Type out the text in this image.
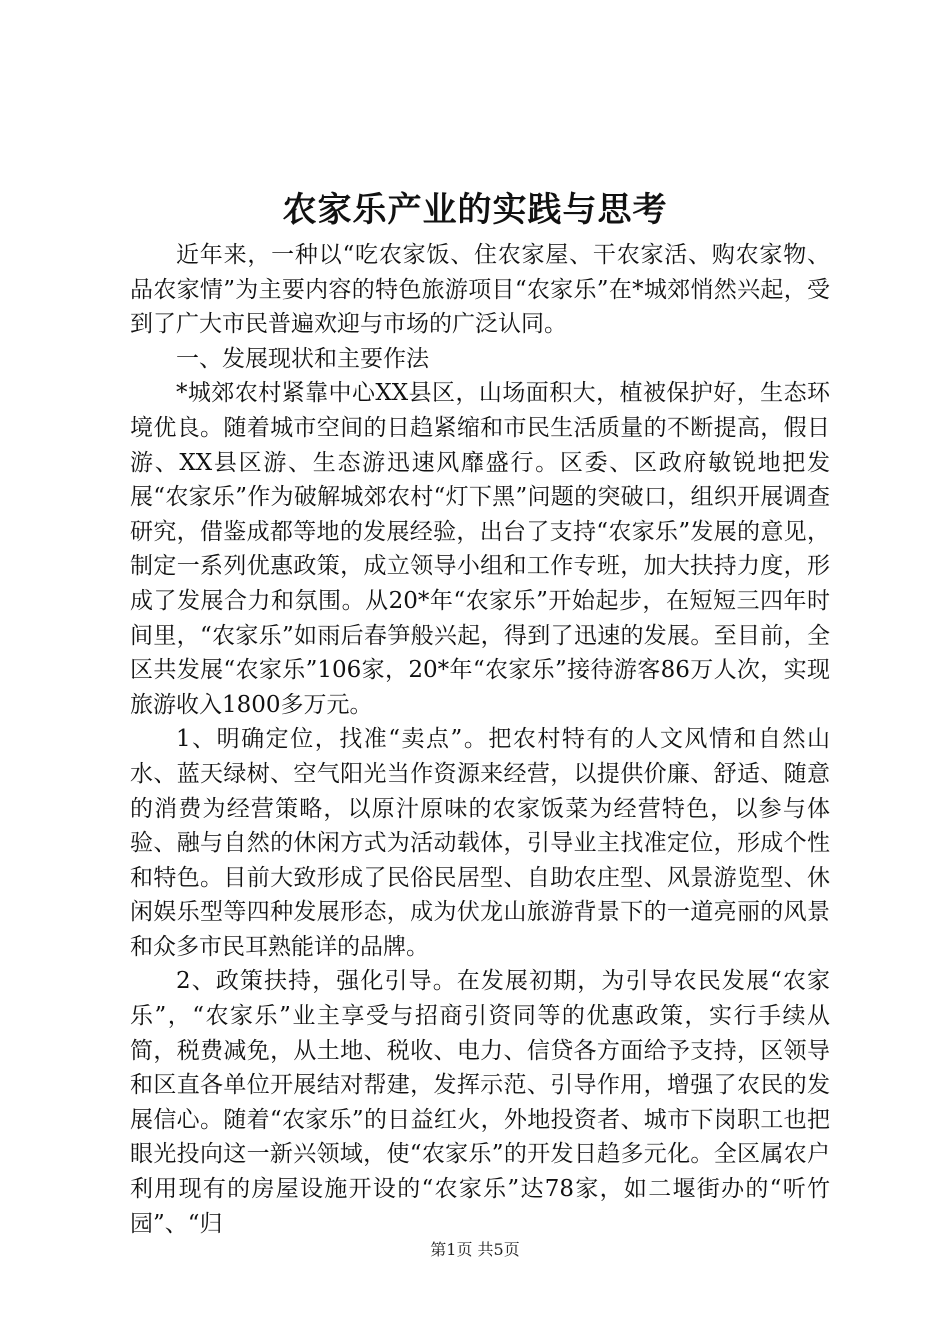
农家乐产业的实践与思考

近年来，一种以“吃农家饭、住农家屋、干农家活、购农家物、品农家情”为主要内容的特色旅游项目“农家乐”在*城郊悄然兴起，受到了广大市民普遍欢迎与市场的广泛认同。

一、发展现状和主要作法

*城郊农村紧靠中心XX县区，山场面积大，植被保护好，生态环境优良。随着城市空间的日趋紧缩和市民生活质量的不断提高，假日游、XX县区游、生态游迅速风靡盛行。区委、区政府敏锐地把发展“农家乐”作为破解城郊农村“灯下黑”问题的突破口，组织开展调查研究，借鉴成都等地的发展经验，出台了支持“农家乐”发展的意见，制定一系列优惠政策，成立领导小组和工作专班，加大扶持力度，形成了发展合力和氛围。从20*年“农家乐”开始起步，在短短三四年时间里，“农家乐”如雨后春笋般兴起，得到了迅速的发展。至目前，全区共发展“农家乐”106家，20*年“农家乐”接待游客86万人次，实现旅游收入1800多万元。

1、明确定位，找准“卖点”。把农村特有的人文风情和自然山水、蓝天绿树、空气阳光当作资源来经营，以提供价廉、舒适、随意的消费为经营策略，以原汁原味的农家饭菜为经营特色，以参与体验、融与自然的休闲方式为活动载体，引导业主找准定位，形成个性和特色。目前大致形成了民俗民居型、自助农庄型、风景游览型、休闲娱乐型等四种发展形态，成为伏龙山旅游背景下的一道亮丽的风景和众多市民耳熟能详的品牌。

2、政策扶持，强化引导。在发展初期，为引导农民发展“农家乐”，“农家乐”业主享受与招商引资同等的优惠政策，实行手续从简，税费减免，从土地、税收、电力、信贷各方面给予支持，区领导和区直各单位开展结对帮建，发挥示范、引导作用，增强了农民的发展信心。随着“农家乐”的日益红火，外地投资者、城市下岗职工也把眼光投向这一新兴领域，使“农家乐”的开发日趋多元化。全区属农户利用现有的房屋设施开设的“农家乐”达78家，如二堰街办的“听竹园”、“归

第1页 共5页
